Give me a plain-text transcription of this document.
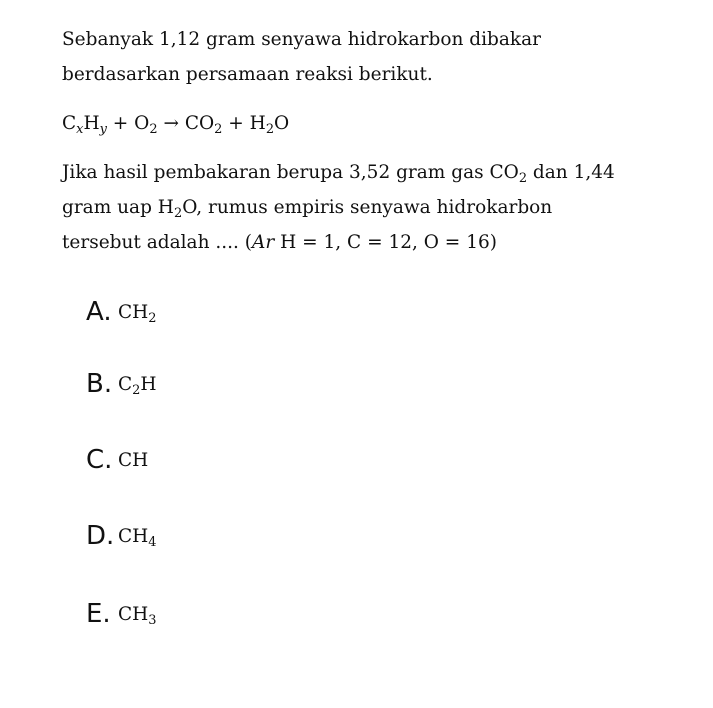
Sebanyak 1,12 gram senyawa hidrokarbon dibakar

berdasarkan persamaan reaksi berikut.

$C_xH_y + O_2 \to CO_2 + H_2O$

Jika hasil pembakaran berupa 3,52 gram gas $CO_2$ dan 1,44

gram uap $H_2O$, rumus empiris senyawa hidrokarbon

tersebut adalah .... (Ar H = 1, C = 12, O = 16)

A. $CH_2$
B. $C_2H$
C. CH
D. $CH_4$
E. $CH_3$
